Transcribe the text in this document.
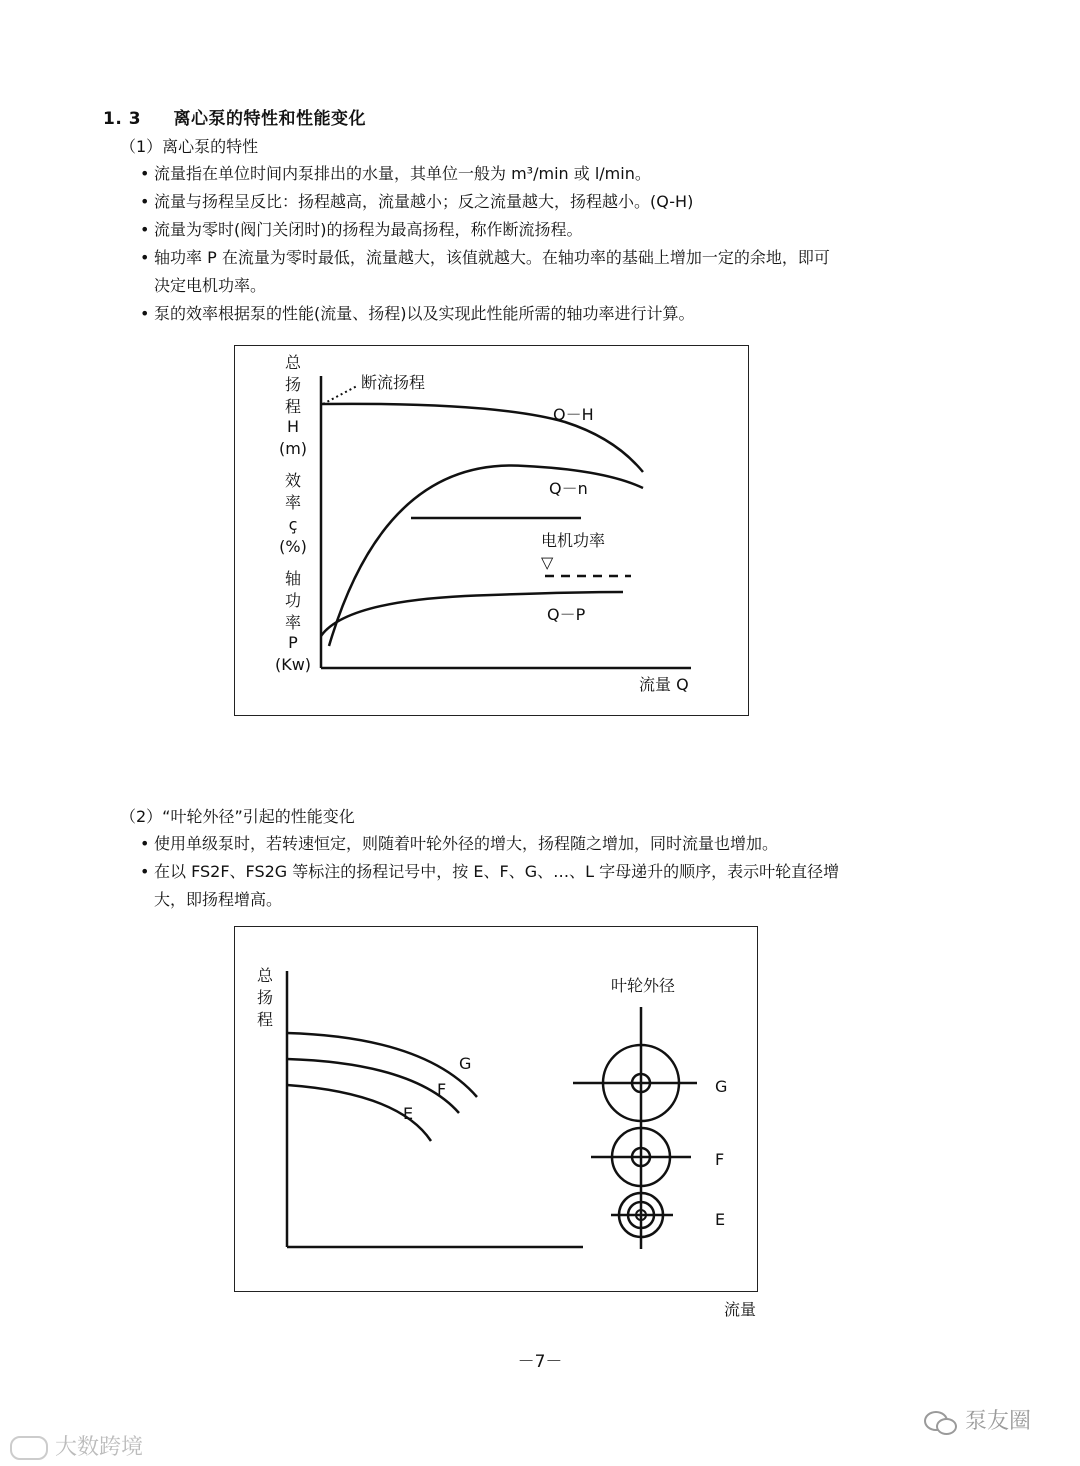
1. 3 离心泵的特性和性能变化
（1）离心泵的特性
• 流量指在单位时间内泵排出的水量，其单位一般为 m³/min 或 l/min。
• 流量与扬程呈反比：扬程越高，流量越小；反之流量越大，扬程越小。(Q-H)
• 流量为零时(阀门关闭时)的扬程为最高扬程，称作断流扬程。
• 轴功率 P 在流量为零时最低，流量越大，该值就越大。在轴功率的基础上增加一定的余地，即可
决定电机功率。
• 泵的效率根据泵的性能(流量、扬程)以及实现此性能所需的轴功率进行计算。
总
扬
程
H
(m)
效
率
ç
(%)
轴
功
率
P
(Kw)
断流扬程
Q－H
Q－n
电机功率
▽
Q－P
流量 Q
（2）“叶轮外径”引起的性能变化
• 使用单级泵时，若转速恒定，则随着叶轮外径的增大，扬程随之增加，同时流量也增加。
• 在以 FS2F、FS2G 等标注的扬程记号中，按 E、F、G、…、L 字母递升的顺序，表示叶轮直径增
大，即扬程增高。
总
扬
程
G
F
E
叶轮外径
G
F
E
流量
－7－
泵友圈
大数跨境
